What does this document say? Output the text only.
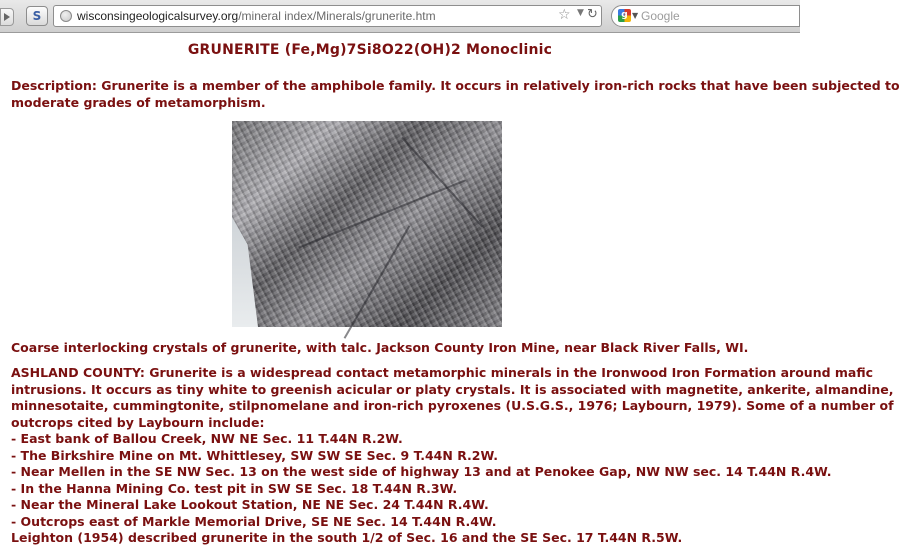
S	wisconsingeologicalsurvey.org/mineral index/Minerals/grunerite.htm	☆ ▼ ↻	g ▼ Google
GRUNERITE (Fe,Mg)7Si8O22(OH)2 Monoclinic
Description: Grunerite is a member of the amphibole family. It occurs in relatively iron-rich rocks that have been subjected to
moderate grades of metamorphism.
Coarse interlocking crystals of grunerite, with talc. Jackson County Iron Mine, near Black River Falls, WI.
ASHLAND COUNTY: Grunerite is a widespread contact metamorphic minerals in the Ironwood Iron Formation around mafic
intrusions. It occurs as tiny white to greenish acicular or platy crystals. It is associated with magnetite, ankerite, almandine,
minnesotaite, cummingtonite, stilpnomelane and iron-rich pyroxenes (U.S.G.S., 1976; Laybourn, 1979). Some of a number of
outcrops cited by Laybourn include:
- East bank of Ballou Creek, NW NE Sec. 11 T.44N R.2W.
- The Birkshire Mine on Mt. Whittlesey, SW SW SE Sec. 9 T.44N R.2W.
- Near Mellen in the SE NW Sec. 13 on the west side of highway 13 and at Penokee Gap, NW NW sec. 14 T.44N R.4W.
- In the Hanna Mining Co. test pit in SW SE Sec. 18 T.44N R.3W.
- Near the Mineral Lake Lookout Station, NE NE Sec. 24 T.44N R.4W.
- Outcrops east of Markle Memorial Drive, SE NE Sec. 14 T.44N R.4W.
Leighton (1954) described grunerite in the south 1/2 of Sec. 16 and the SE Sec. 17 T.44N R.5W.
